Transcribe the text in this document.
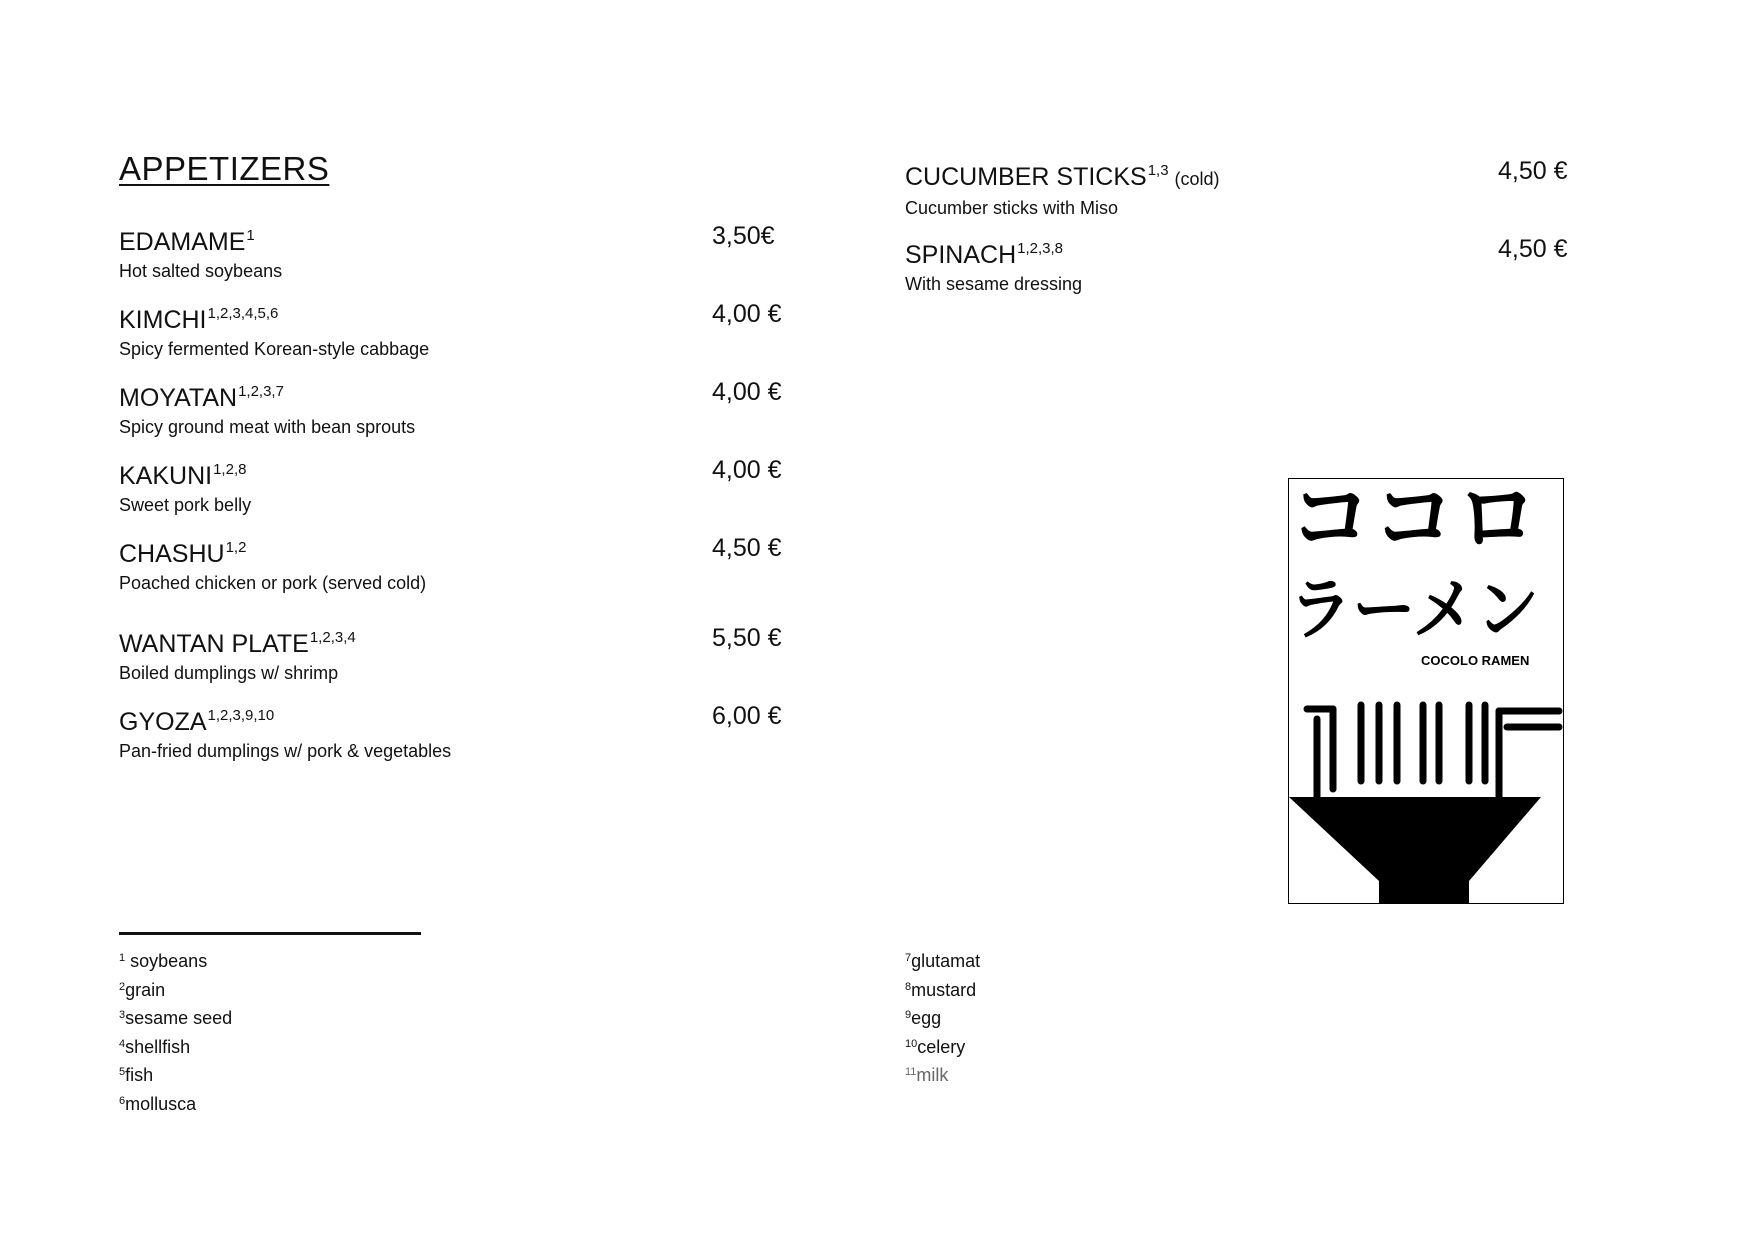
APPETIZERS
EDAMAME$^1$
Hot salted soybeans
3,50€
KIMCHI$^{1,2,3,4,5,6}$
Spicy fermented Korean-style cabbage
4,00 €
MOYATAN$^{1,2,3,7}$
Spicy ground meat with bean sprouts
4,00 €
KAKUNI$^{1,2,8}$
Sweet pork belly
4,00 €
CHASHU$^{1,2}$
Poached chicken or pork (served cold)
4,50 €
WANTAN PLATE$^{1,2,3,4}$
Boiled dumplings w/ shrimp
5,50 €
GYOZA$^{1,2,3,9,10}$
Pan-fried dumplings w/ pork & vegetables
6,00 €
CUCUMBER STICKS$^{1,3}$ (cold)
Cucumber sticks with Miso
4,50 €
SPINACH$^{1,2,3,8}$
With sesame dressing
4,50 €
ココロ
ラーメン
COCOLO RAMEN
$^1$ soybeans
$^2$grain
$^3$sesame seed
$^4$shellfish
$^5$fish
$^6$mollusca
$^7$glutamat
$^8$mustard
$^9$egg
$^{10}$celery
$^{11}$milk
